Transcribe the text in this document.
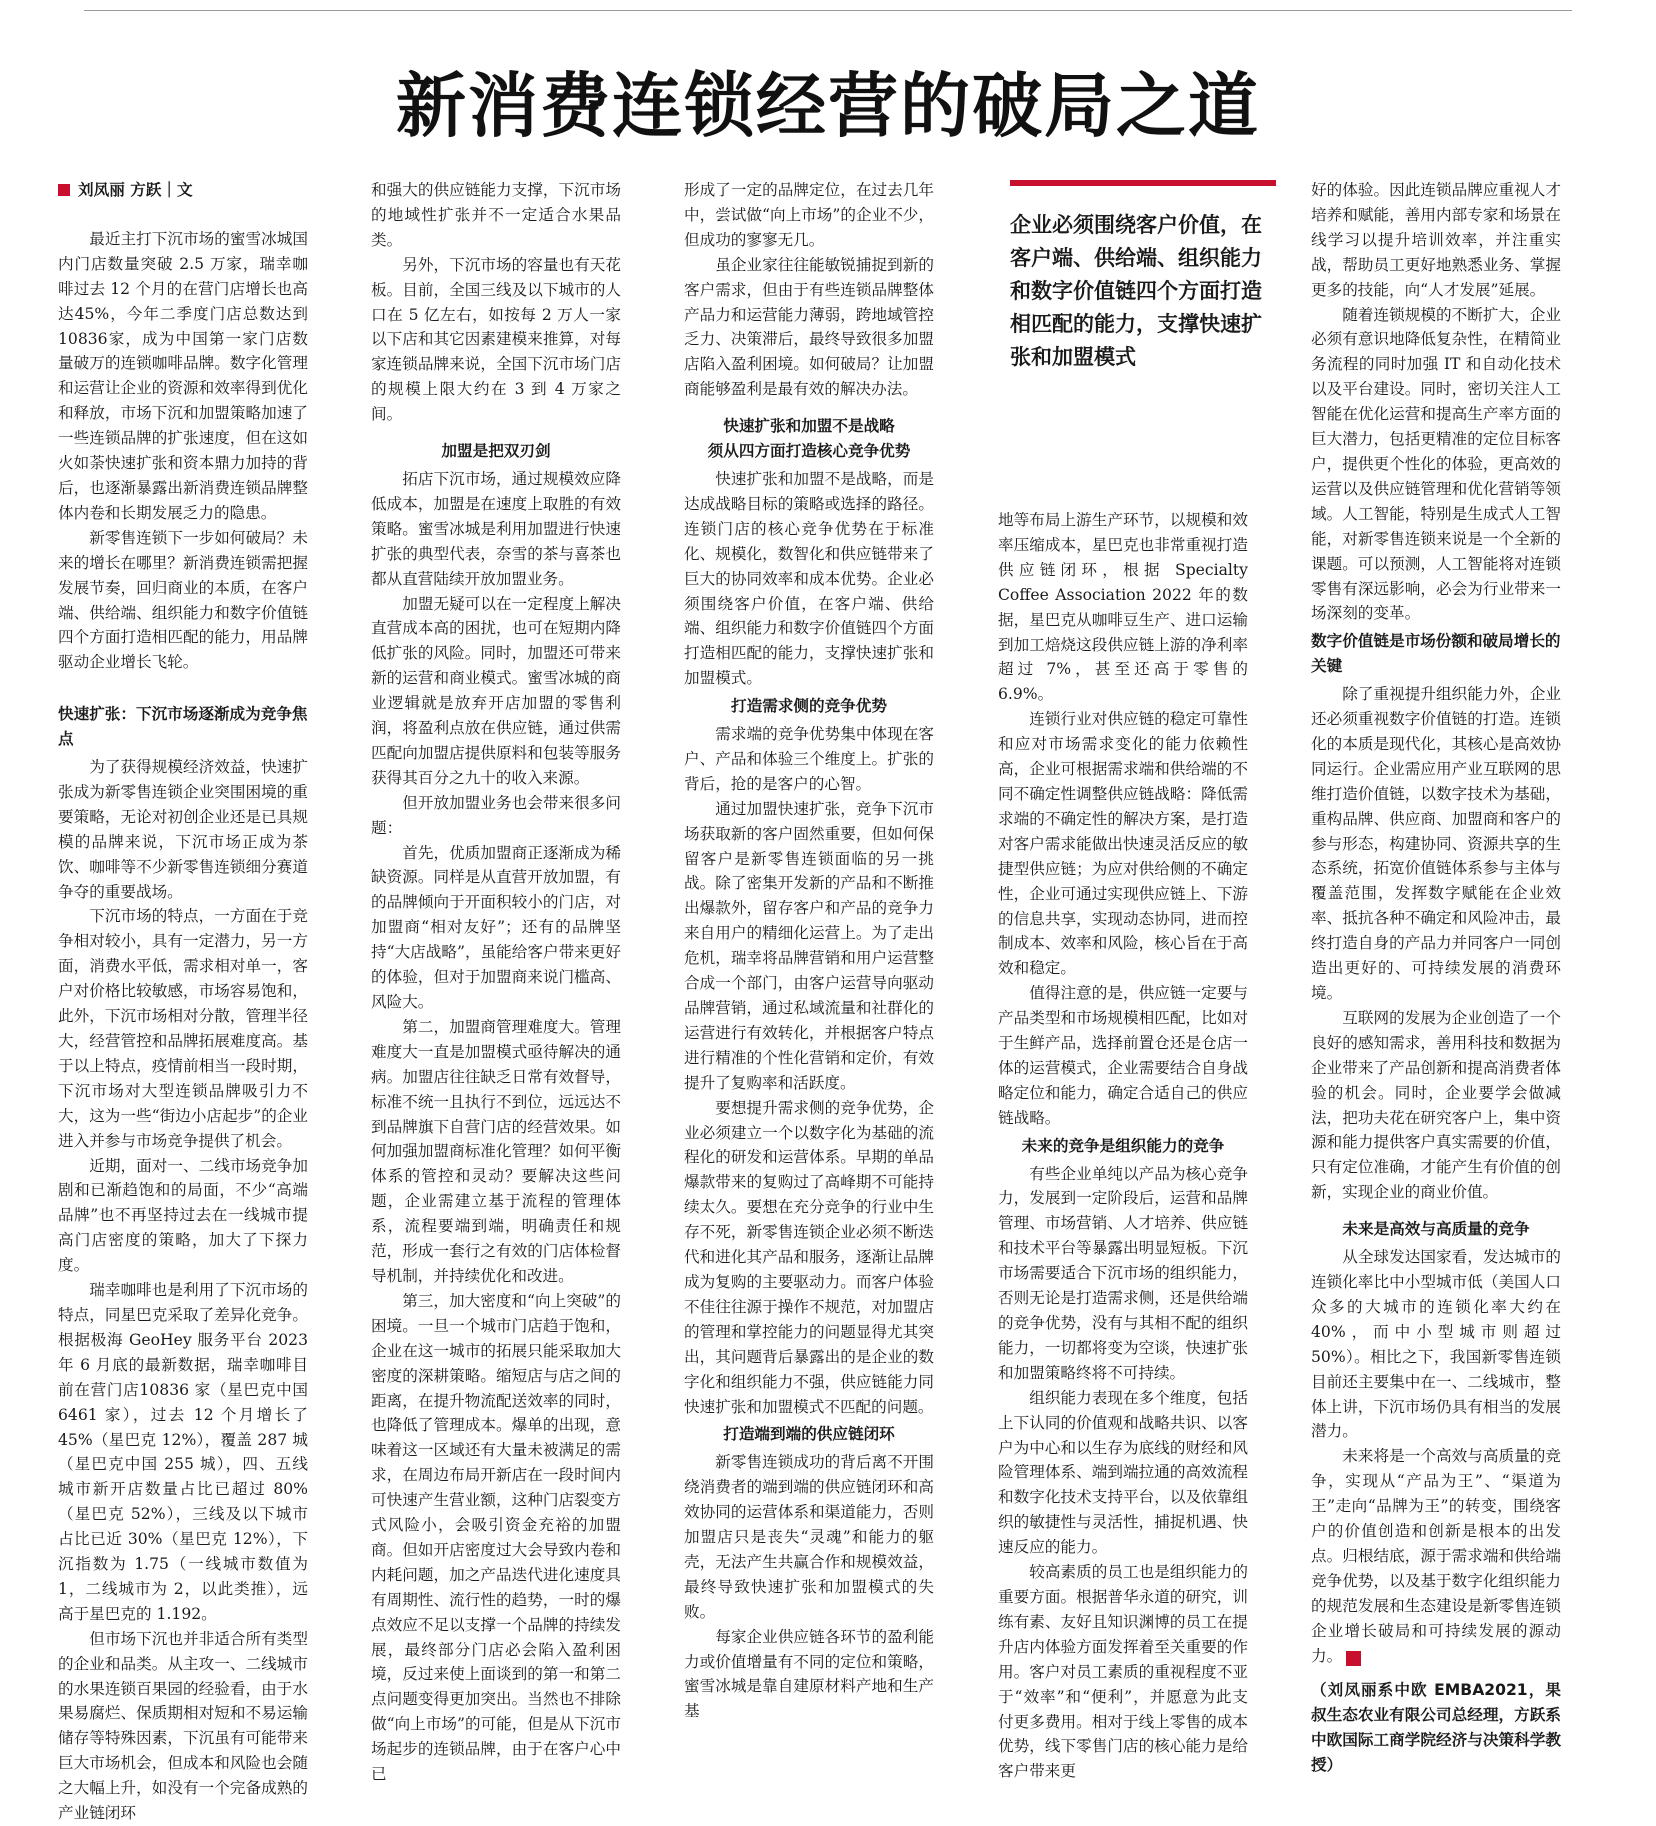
新消费连锁经营的破局之道
刘凤丽 方跃｜文

最近主打下沉市场的蜜雪冰城国内门店数量突破 2.5 万家，瑞幸咖啡过去 12 个月的在营门店增长也高达45%，今年二季度门店总数达到 10836家，成为中国第一家门店数量破万的连锁咖啡品牌。数字化管理和运营让企业的资源和效率得到优化和释放，市场下沉和加盟策略加速了一些连锁品牌的扩张速度，但在这如火如荼快速扩张和资本鼎力加持的背后，也逐渐暴露出新消费连锁品牌整体内卷和长期发展乏力的隐患。

新零售连锁下一步如何破局？未来的增长在哪里？新消费连锁需把握发展节奏，回归商业的本质，在客户端、供给端、组织能力和数字价值链四个方面打造相匹配的能力，用品牌驱动企业增长飞轮。

快速扩张：下沉市场逐渐成为竞争焦点

为了获得规模经济效益，快速扩张成为新零售连锁企业突围困境的重要策略，无论对初创企业还是已具规模的品牌来说，下沉市场正成为茶饮、咖啡等不少新零售连锁细分赛道争夺的重要战场。

下沉市场的特点，一方面在于竞争相对较小，具有一定潜力，另一方面，消费水平低，需求相对单一，客户对价格比较敏感，市场容易饱和，此外，下沉市场相对分散，管理半径大，经营管控和品牌拓展难度高。基于以上特点，疫情前相当一段时期，下沉市场对大型连锁品牌吸引力不大，这为一些“街边小店起步”的企业进入并参与市场竞争提供了机会。

近期，面对一、二线市场竞争加剧和已渐趋饱和的局面，不少“高端品牌”也不再坚持过去在一线城市提高门店密度的策略，加大了下探力度。

瑞幸咖啡也是利用了下沉市场的特点，同星巴克采取了差异化竞争。根据极海 GeoHey 服务平台 2023 年 6 月底的最新数据，瑞幸咖啡目前在营门店10836 家（星巴克中国 6461 家），过去 12 个月增长了 45%（星巴克 12%），覆盖 287 城（星巴克中国 255 城），四、五线城市新开店数量占比已超过 80%（星巴克 52%），三线及以下城市占比已近 30%（星巴克 12%），下沉指数为 1.75（一线城市数值为 1，二线城市为 2，以此类推），远高于星巴克的 1.192。

但市场下沉也并非适合所有类型的企业和品类。从主攻一、二线城市的水果连锁百果园的经验看，由于水果易腐烂、保质期相对短和不易运输储存等特殊因素，下沉虽有可能带来巨大市场机会，但成本和风险也会随之大幅上升，如没有一个完备成熟的产业链闭环

和强大的供应链能力支撑，下沉市场的地域性扩张并不一定适合水果品类。

另外，下沉市场的容量也有天花板。目前，全国三线及以下城市的人口在 5 亿左右，如按每 2 万人一家以下店和其它因素建模来推算，对每家连锁品牌来说，全国下沉市场门店的规模上限大约在 3 到 4 万家之间。

加盟是把双刃剑

拓店下沉市场，通过规模效应降低成本，加盟是在速度上取胜的有效策略。蜜雪冰城是利用加盟进行快速扩张的典型代表，奈雪的茶与喜茶也都从直营陆续开放加盟业务。

加盟无疑可以在一定程度上解决直营成本高的困扰，也可在短期内降低扩张的风险。同时，加盟还可带来新的运营和商业模式。蜜雪冰城的商业逻辑就是放弃开店加盟的零售利润，将盈利点放在供应链，通过供需匹配向加盟店提供原料和包装等服务获得其百分之九十的收入来源。

但开放加盟业务也会带来很多问题：

首先，优质加盟商正逐渐成为稀缺资源。同样是从直营开放加盟，有的品牌倾向于开面积较小的门店，对加盟商“相对友好”；还有的品牌坚持“大店战略”，虽能给客户带来更好的体验，但对于加盟商来说门槛高、风险大。

第二，加盟商管理难度大。管理难度大一直是加盟模式亟待解决的通病。加盟店往往缺乏日常有效督导，标准不统一且执行不到位，远远达不到品牌旗下自营门店的经营效果。如何加强加盟商标准化管理？如何平衡体系的管控和灵动？要解决这些问题，企业需建立基于流程的管理体系，流程要端到端，明确责任和规范，形成一套行之有效的门店体检督导机制，并持续优化和改进。

第三，加大密度和“向上突破”的困境。一旦一个城市门店趋于饱和，企业在这一城市的拓展只能采取加大密度的深耕策略。缩短店与店之间的距离，在提升物流配送效率的同时，也降低了管理成本。爆单的出现，意味着这一区域还有大量未被满足的需求，在周边布局开新店在一段时间内可快速产生营业额，这种门店裂变方式风险小，会吸引资金充裕的加盟商。但如开店密度过大会导致内卷和内耗问题，加之产品迭代进化速度具有周期性、流行性的趋势，一时的爆点效应不足以支撑一个品牌的持续发展，最终部分门店必会陷入盈利困境，反过来使上面谈到的第一和第二点问题变得更加突出。当然也不排除做“向上市场”的可能，但是从下沉市场起步的连锁品牌，由于在客户心中已

形成了一定的品牌定位，在过去几年中，尝试做“向上市场”的企业不少，但成功的寥寥无几。

虽企业家往往能敏锐捕捉到新的客户需求，但由于有些连锁品牌整体产品力和运营能力薄弱，跨地域管控乏力、决策滞后，最终导致很多加盟店陷入盈利困境。如何破局？让加盟商能够盈利是最有效的解决办法。

快速扩张和加盟不是战略
须从四方面打造核心竞争优势

快速扩张和加盟不是战略，而是达成战略目标的策略或选择的路径。连锁门店的核心竞争优势在于标准化、规模化，数智化和供应链带来了巨大的协同效率和成本优势。企业必须围绕客户价值，在客户端、供给端、组织能力和数字价值链四个方面打造相匹配的能力，支撑快速扩张和加盟模式。

打造需求侧的竞争优势

需求端的竞争优势集中体现在客户、产品和体验三个维度上。扩张的背后，抢的是客户的心智。

通过加盟快速扩张，竞争下沉市场获取新的客户固然重要，但如何保留客户是新零售连锁面临的另一挑战。除了密集开发新的产品和不断推出爆款外，留存客户和产品的竞争力来自用户的精细化运营上。为了走出危机，瑞幸将品牌营销和用户运营整合成一个部门，由客户运营导向驱动品牌营销，通过私域流量和社群化的运营进行有效转化，并根据客户特点进行精准的个性化营销和定价，有效提升了复购率和活跃度。

要想提升需求侧的竞争优势，企业必须建立一个以数字化为基础的流程化的研发和运营体系。早期的单品爆款带来的复购过了高峰期不可能持续太久。要想在充分竞争的行业中生存不死，新零售连锁企业必须不断迭代和进化其产品和服务，逐渐让品牌成为复购的主要驱动力。而客户体验不佳往往源于操作不规范，对加盟店的管理和掌控能力的问题显得尤其突出，其问题背后暴露出的是企业的数字化和组织能力不强，供应链能力同快速扩张和加盟模式不匹配的问题。

打造端到端的供应链闭环

新零售连锁成功的背后离不开围绕消费者的端到端的供应链闭环和高效协同的运营体系和渠道能力，否则加盟店只是丧失“灵魂”和能力的躯壳，无法产生共赢合作和规模效益，最终导致快速扩张和加盟模式的失败。

每家企业供应链各环节的盈利能力或价值增量有不同的定位和策略，蜜雪冰城是靠自建原材料产地和生产基

企业必须围绕客户价值，在客户端、供给端、组织能力和数字价值链四个方面打造相匹配的能力，支撑快速扩张和加盟模式

地等布局上游生产环节，以规模和效率压缩成本，星巴克也非常重视打造供应链闭环，根据 Specialty Coffee Association 2022 年的数据，星巴克从咖啡豆生产、进口运输到加工焙烧这段供应链上游的净利率超过 7%，甚至还高于零售的 6.9%。

连锁行业对供应链的稳定可靠性和应对市场需求变化的能力依赖性高，企业可根据需求端和供给端的不同不确定性调整供应链战略：降低需求端的不确定性的解决方案，是打造对客户需求能做出快速灵活反应的敏捷型供应链；为应对供给侧的不确定性，企业可通过实现供应链上、下游的信息共享，实现动态协同，进而控制成本、效率和风险，核心旨在于高效和稳定。

值得注意的是，供应链一定要与产品类型和市场规模相匹配，比如对于生鲜产品，选择前置仓还是仓店一体的运营模式，企业需要结合自身战略定位和能力，确定合适自己的供应链战略。

未来的竞争是组织能力的竞争

有些企业单纯以产品为核心竞争力，发展到一定阶段后，运营和品牌管理、市场营销、人才培养、供应链和技术平台等暴露出明显短板。下沉市场需要适合下沉市场的组织能力，否则无论是打造需求侧，还是供给端的竞争优势，没有与其相不配的组织能力，一切都将变为空谈，快速扩张和加盟策略终将不可持续。

组织能力表现在多个维度，包括上下认同的价值观和战略共识、以客户为中心和以生存为底线的财经和风险管理体系、端到端拉通的高效流程和数字化技术支持平台，以及依靠组织的敏捷性与灵活性，捕捉机遇、快速反应的能力。

较高素质的员工也是组织能力的重要方面。根据普华永道的研究，训练有素、友好且知识渊博的员工在提升店内体验方面发挥着至关重要的作用。客户对员工素质的重视程度不亚于“效率”和“便利”，并愿意为此支付更多费用。相对于线上零售的成本优势，线下零售门店的核心能力是给客户带来更

好的体验。因此连锁品牌应重视人才培养和赋能，善用内部专家和场景在线学习以提升培训效率，并注重实战，帮助员工更好地熟悉业务、掌握更多的技能，向“人才发展”延展。

随着连锁规模的不断扩大，企业必须有意识地降低复杂性，在精简业务流程的同时加强 IT 和自动化技术以及平台建设。同时，密切关注人工智能在优化运营和提高生产率方面的巨大潜力，包括更精准的定位目标客户，提供更个性化的体验，更高效的运营以及供应链管理和优化营销等领域。人工智能，特别是生成式人工智能，对新零售连锁来说是一个全新的课题。可以预测，人工智能将对连锁零售有深远影响，必会为行业带来一场深刻的变革。

数字价值链是市场份额和破局增长的关键

除了重视提升组织能力外，企业还必须重视数字价值链的打造。连锁化的本质是现代化，其核心是高效协同运行。企业需应用产业互联网的思维打造价值链，以数字技术为基础，重构品牌、供应商、加盟商和客户的参与形态，构建协同、资源共享的生态系统，拓宽价值链体系参与主体与覆盖范围，发挥数字赋能在企业效率、抵抗各种不确定和风险冲击，最终打造自身的产品力并同客户一同创造出更好的、可持续发展的消费环境。

互联网的发展为企业创造了一个良好的感知需求，善用科技和数据为企业带来了产品创新和提高消费者体验的机会。同时，企业要学会做减法，把功夫花在研究客户上，集中资源和能力提供客户真实需要的价值，只有定位准确，才能产生有价值的创新，实现企业的商业价值。

未来是高效与高质量的竞争

从全球发达国家看，发达城市的连锁化率比中小型城市低（美国人口众多的大城市的连锁化率大约在 40%，而中小型城市则超过 50%）。相比之下，我国新零售连锁目前还主要集中在一、二线城市，整体上讲，下沉市场仍具有相当的发展潜力。

未来将是一个高效与高质量的竞争，实现从“产品为王”、“渠道为王”走向“品牌为王”的转变，围绕客户的价值创造和创新是根本的出发点。归根结底，源于需求端和供给端竞争优势，以及基于数字化组织能力的规范发展和生态建设是新零售连锁企业增长破局和可持续发展的源动力。	C

（刘凤丽系中欧 EMBA2021，果叔生态农业有限公司总经理，方跃系中欧国际工商学院经济与决策科学教授）
